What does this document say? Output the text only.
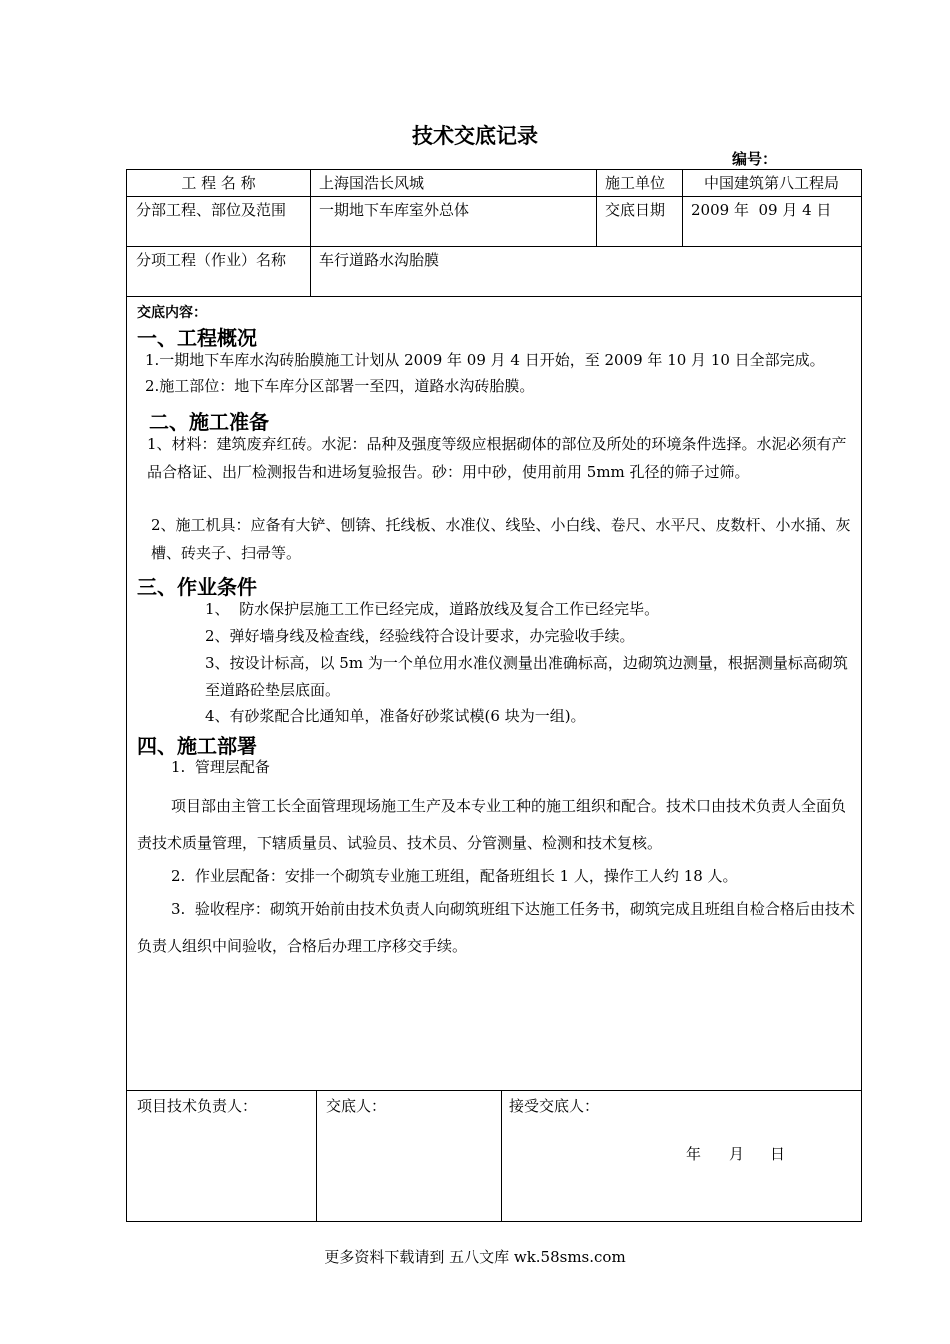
技术交底记录
编号：
工 程 名 称	上海国浩长风城	施工单位	中国建筑第八工程局
分部工程、部位及范围	一期地下车库室外总体	交底日期 2009 年  09 月 4 日
分项工程（作业）名称	车行道路水沟胎膜
交底内容：
一、工程概况
1.一期地下车库水沟砖胎膜施工计划从 2009 年 09 月 4 日开始，至 2009 年 10 月 10 日全部完成。
2.施工部位：地下车库分区部署一至四，道路水沟砖胎膜。
二、施工准备
1、材料：建筑废弃红砖。水泥：品种及强度等级应根据砌体的部位及所处的环境条件选择。水泥必须有产品合格证、出厂检测报告和进场复验报告。砂：用中砂，使用前用 5mm 孔径的筛子过筛。
2、施工机具：应备有大铲、刨锛、托线板、水准仪、线坠、小白线、卷尺、水平尺、皮数杆、小水捅、灰槽、砖夹子、扫帚等。
三、作业条件
1、  防水保护层施工工作已经完成，道路放线及复合工作已经完毕。
2、弹好墙身线及检查线，经验线符合设计要求，办完验收手续。
3、按设计标高，以 5m 为一个单位用水准仪测量出准确标高，边砌筑边测量，根据测量标高砌筑至道路砼垫层底面。
4、有砂浆配合比通知单，准备好砂浆试模(6 块为一组)。
四、施工部署
1.  管理层配备
项目部由主管工长全面管理现场施工生产及本专业工种的施工组织和配合。技术口由技术负责人全面负责技术质量管理，下辖质量员、试验员、技术员、分管测量、检测和技术复核。
2.  作业层配备：安排一个砌筑专业施工班组，配备班组长 1 人，操作工人约 18 人。
3.  验收程序：砌筑开始前由技术负责人向砌筑班组下达施工任务书，砌筑完成且班组自检合格后由技术负责人组织中间验收，合格后办理工序移交手续。
项目技术负责人：	交底人：	接受交底人：
年 月 日
更多资料下载请到 五八文库 wk.58sms.com
